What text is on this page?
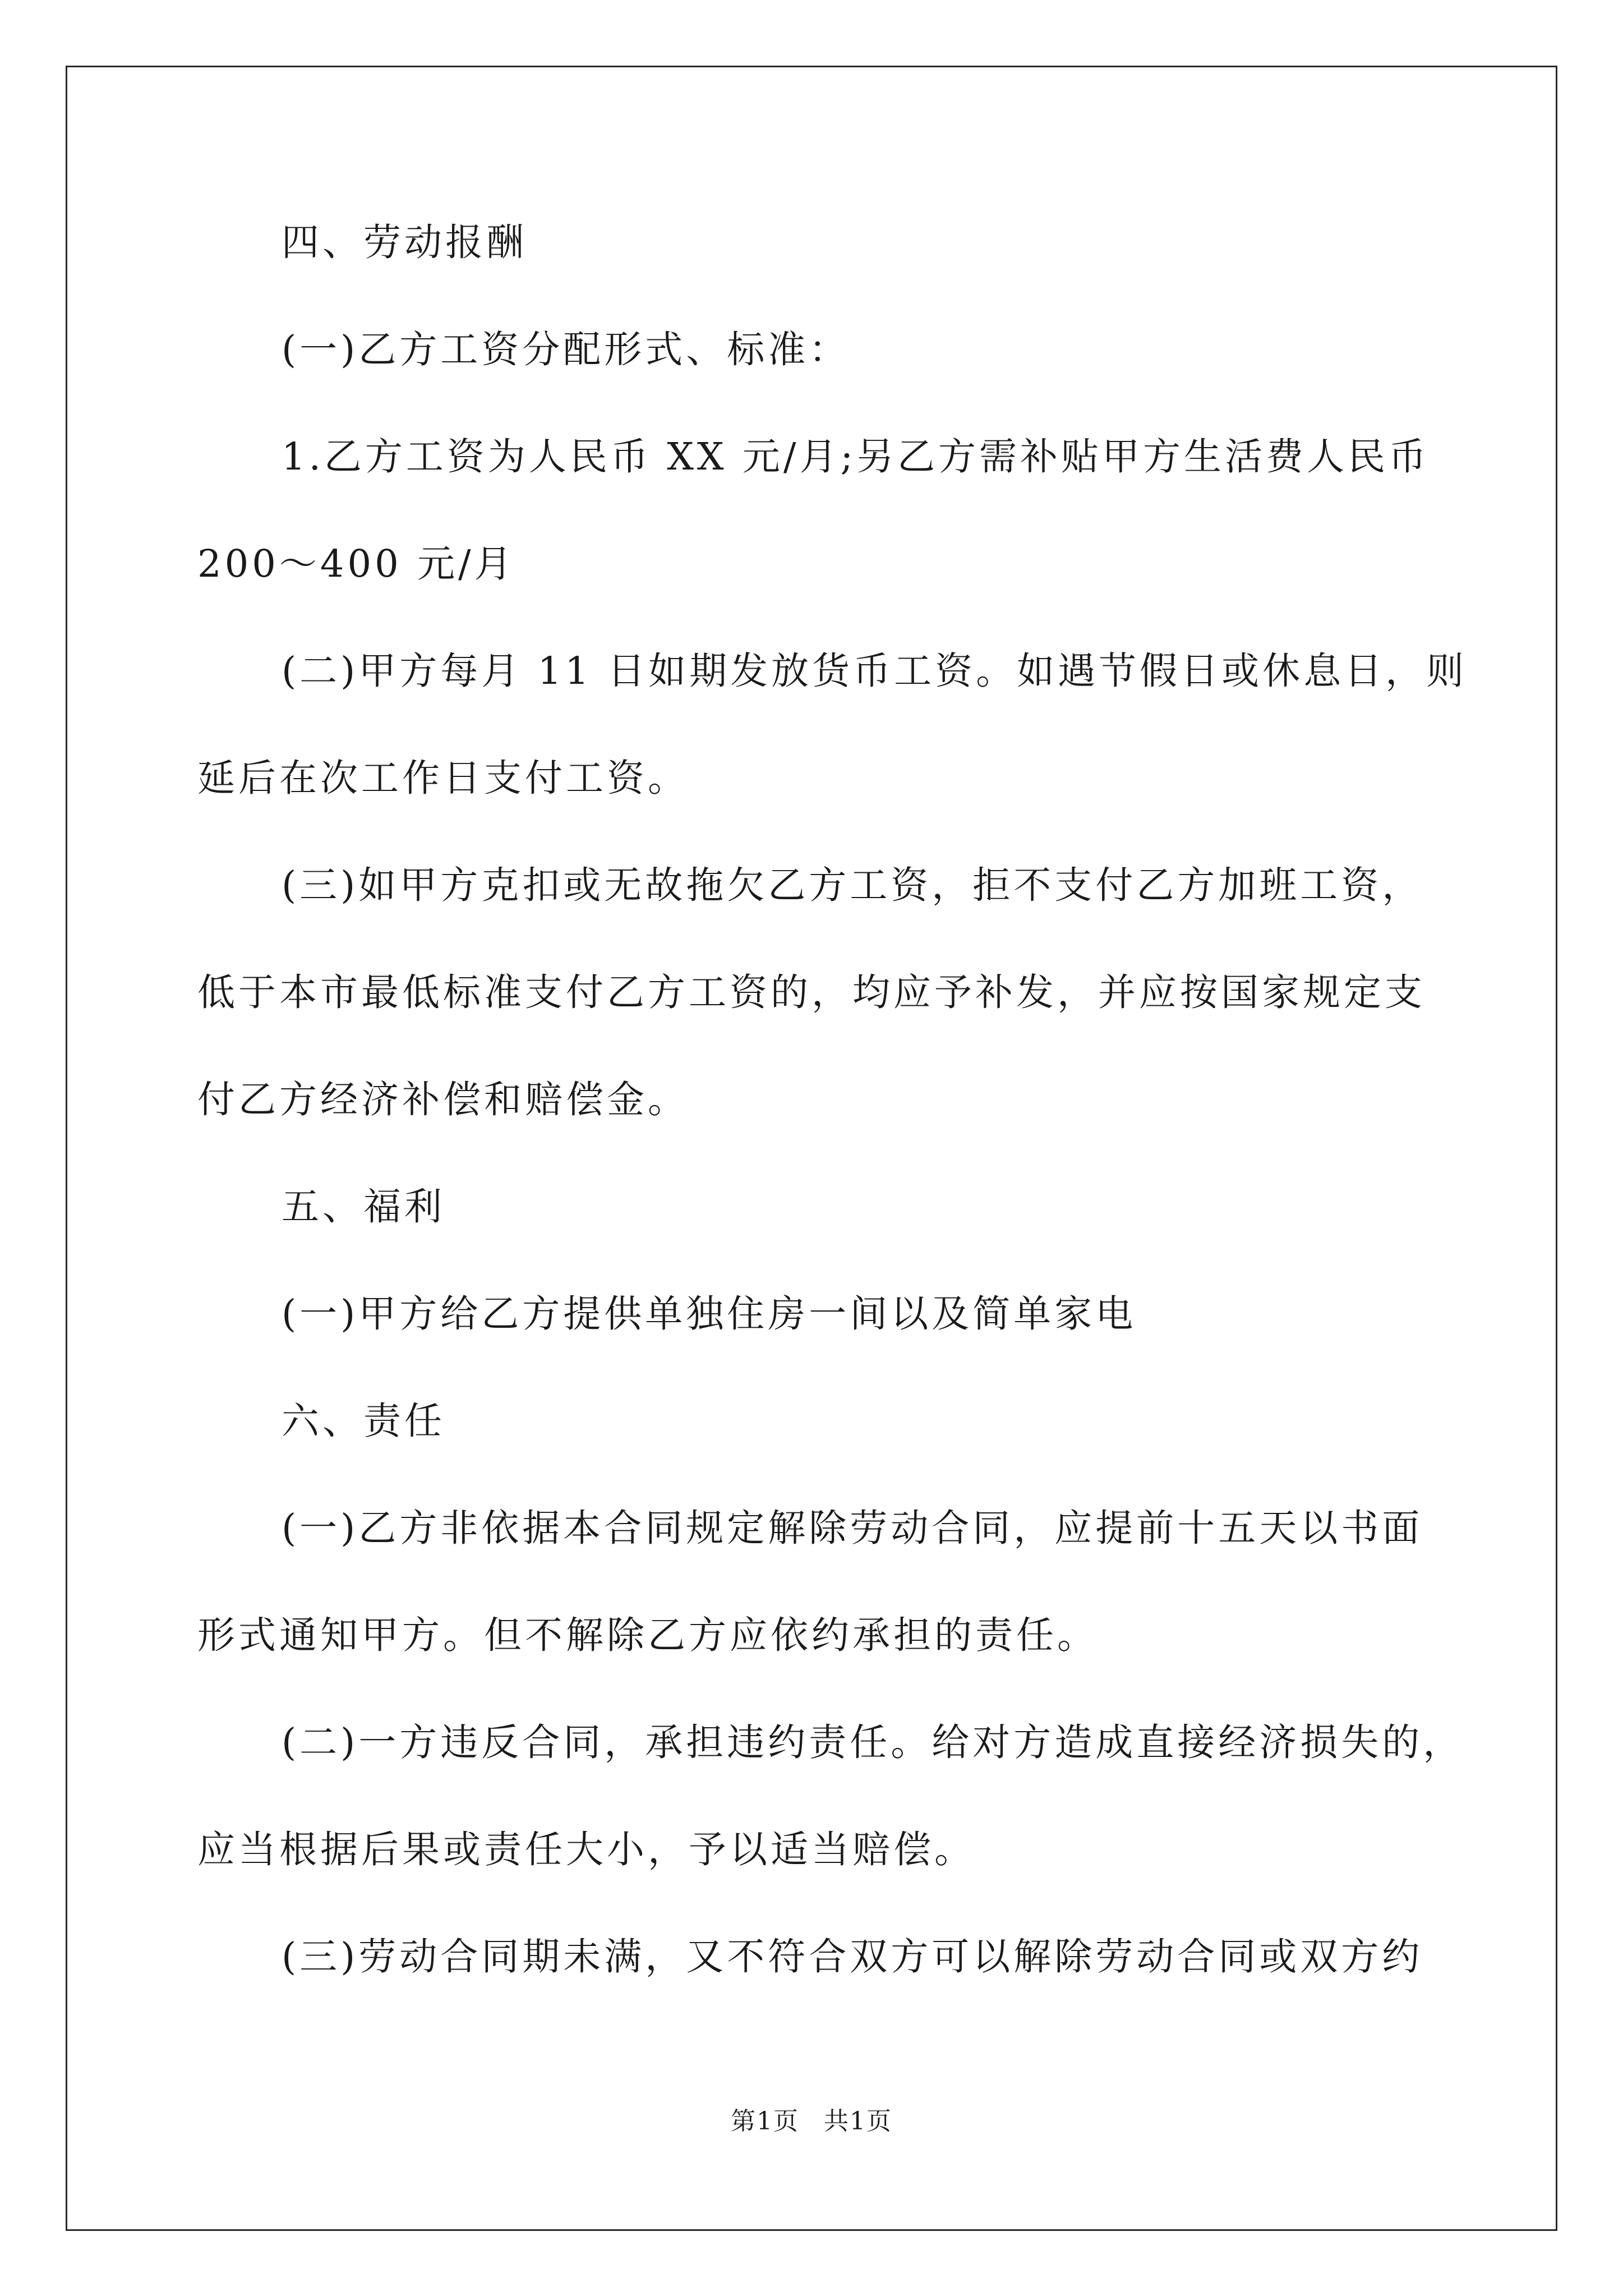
四、劳动报酬
(一)乙方工资分配形式、标准：
1.乙方工资为人民币 XX 元/月;另乙方需补贴甲方生活费人民币
200～400 元/月
(二)甲方每月 11 日如期发放货币工资。如遇节假日或休息日，则
延后在次工作日支付工资。
(三)如甲方克扣或无故拖欠乙方工资，拒不支付乙方加班工资，
低于本市最低标准支付乙方工资的，均应予补发，并应按国家规定支
付乙方经济补偿和赔偿金。
五、福利
(一)甲方给乙方提供单独住房一间以及简单家电
六、责任
(一)乙方非依据本合同规定解除劳动合同，应提前十五天以书面
形式通知甲方。但不解除乙方应依约承担的责任。
(二)一方违反合同，承担违约责任。给对方造成直接经济损失的，
应当根据后果或责任大小，予以适当赔偿。
(三)劳动合同期未满，又不符合双方可以解除劳动合同或双方约
第1页 共1页
